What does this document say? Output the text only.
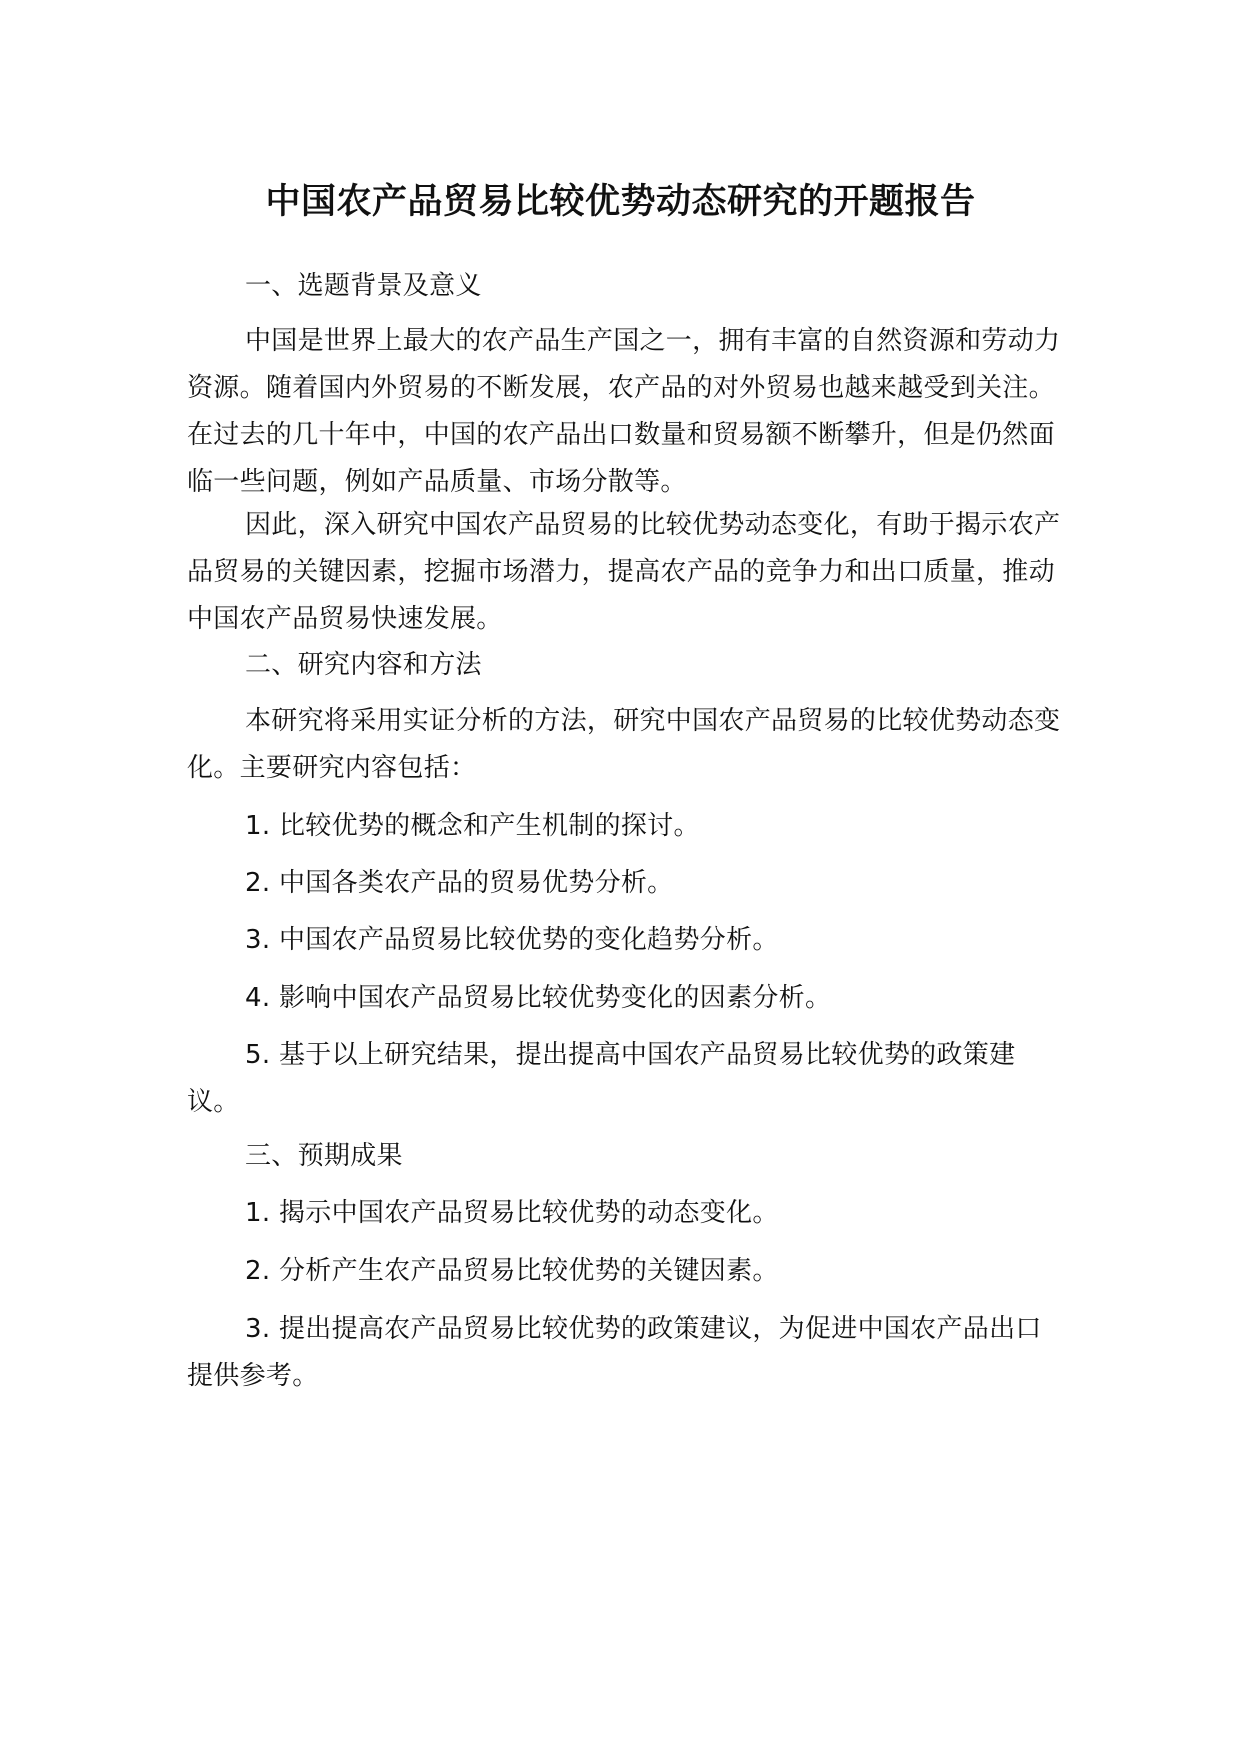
中国农产品贸易比较优势动态研究的开题报告

一、选题背景及意义

中国是世界上最大的农产品生产国之一，拥有丰富的自然资源和劳动力资源。随着国内外贸易的不断发展，农产品的对外贸易也越来越受到关注。在过去的几十年中，中国的农产品出口数量和贸易额不断攀升，但是仍然面临一些问题，例如产品质量、市场分散等。

因此，深入研究中国农产品贸易的比较优势动态变化，有助于揭示农产品贸易的关键因素，挖掘市场潜力，提高农产品的竞争力和出口质量，推动中国农产品贸易快速发展。

二、研究内容和方法

本研究将采用实证分析的方法，研究中国农产品贸易的比较优势动态变化。主要研究内容包括：

1. 比较优势的概念和产生机制的探讨。

2. 中国各类农产品的贸易优势分析。

3. 中国农产品贸易比较优势的变化趋势分析。

4. 影响中国农产品贸易比较优势变化的因素分析。

5. 基于以上研究结果，提出提高中国农产品贸易比较优势的政策建议。

三、预期成果

1. 揭示中国农产品贸易比较优势的动态变化。

2. 分析产生农产品贸易比较优势的关键因素。

3. 提出提高农产品贸易比较优势的政策建议，为促进中国农产品出口提供参考。
